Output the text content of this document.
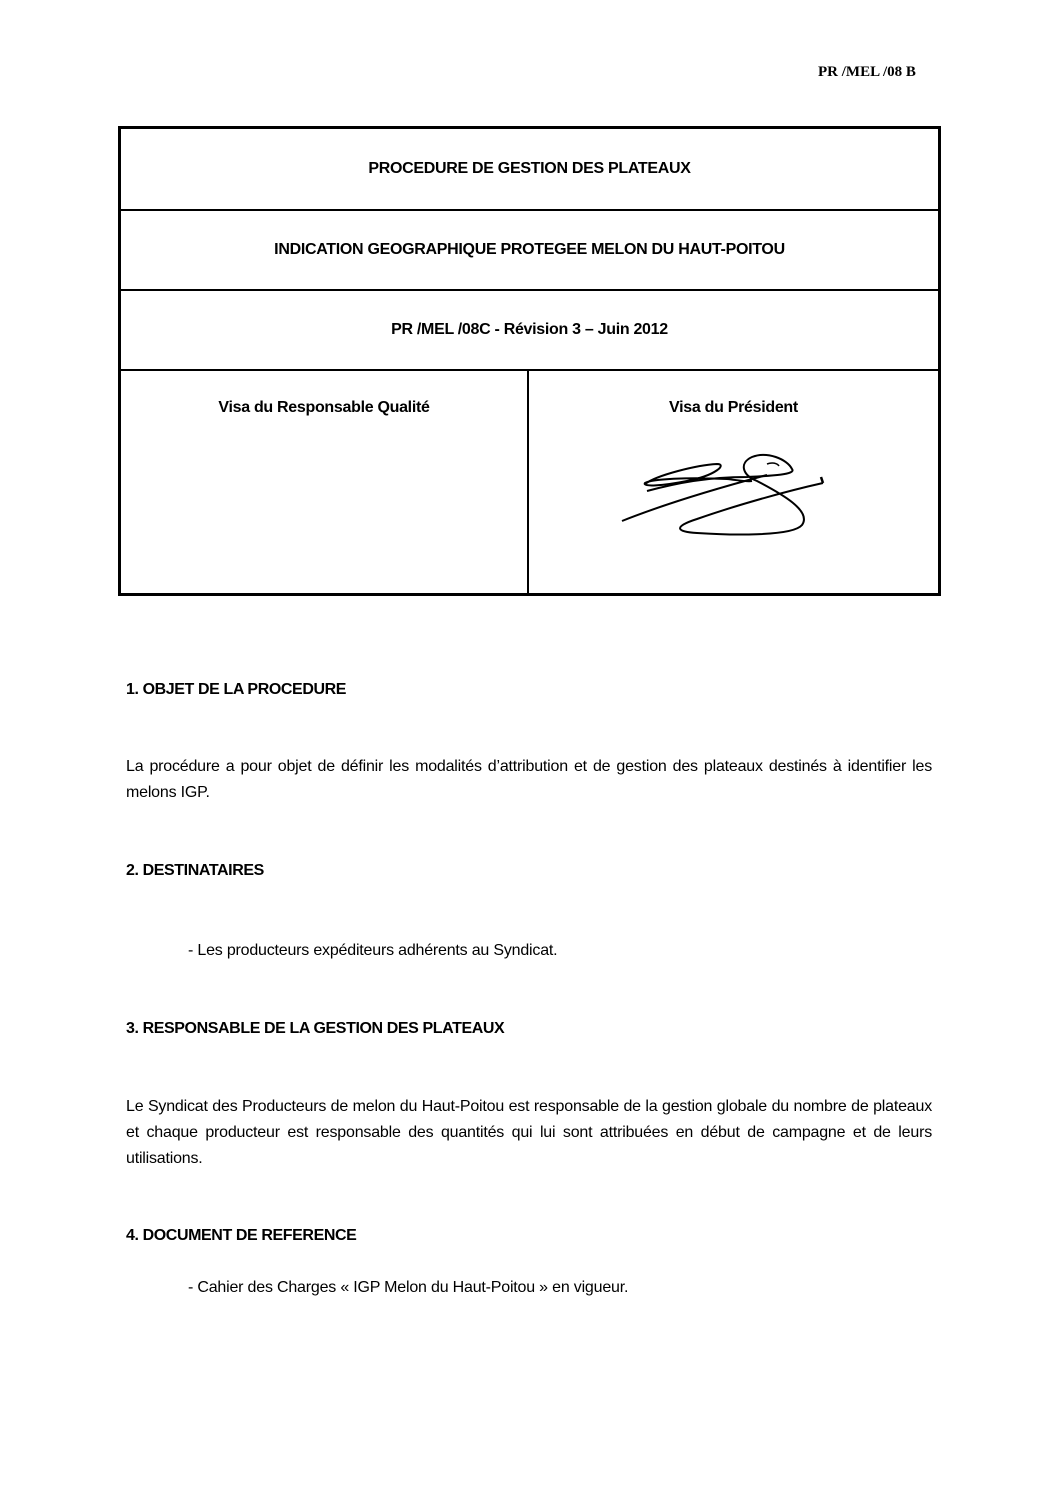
PR /MEL /08 B
PROCEDURE DE GESTION DES PLATEAUX
INDICATION GEOGRAPHIQUE PROTEGEE MELON DU HAUT-POITOU
PR /MEL /08C - Révision 3 – Juin 2012
Visa du Responsable Qualité	Visa du Président
1. OBJET DE LA PROCEDURE
La procédure a pour objet de définir les modalités d’attribution et de gestion des plateaux destinés à identifier les melons IGP.
2. DESTINATAIRES
- Les producteurs expéditeurs adhérents au Syndicat.
3. RESPONSABLE DE LA GESTION DES PLATEAUX
Le Syndicat des Producteurs de melon du Haut-Poitou est responsable de la gestion globale du nombre de plateaux et chaque producteur est responsable des quantités qui lui sont attribuées en début de campagne et de leurs utilisations.
4. DOCUMENT DE REFERENCE
- Cahier des Charges « IGP Melon du Haut-Poitou » en vigueur.
